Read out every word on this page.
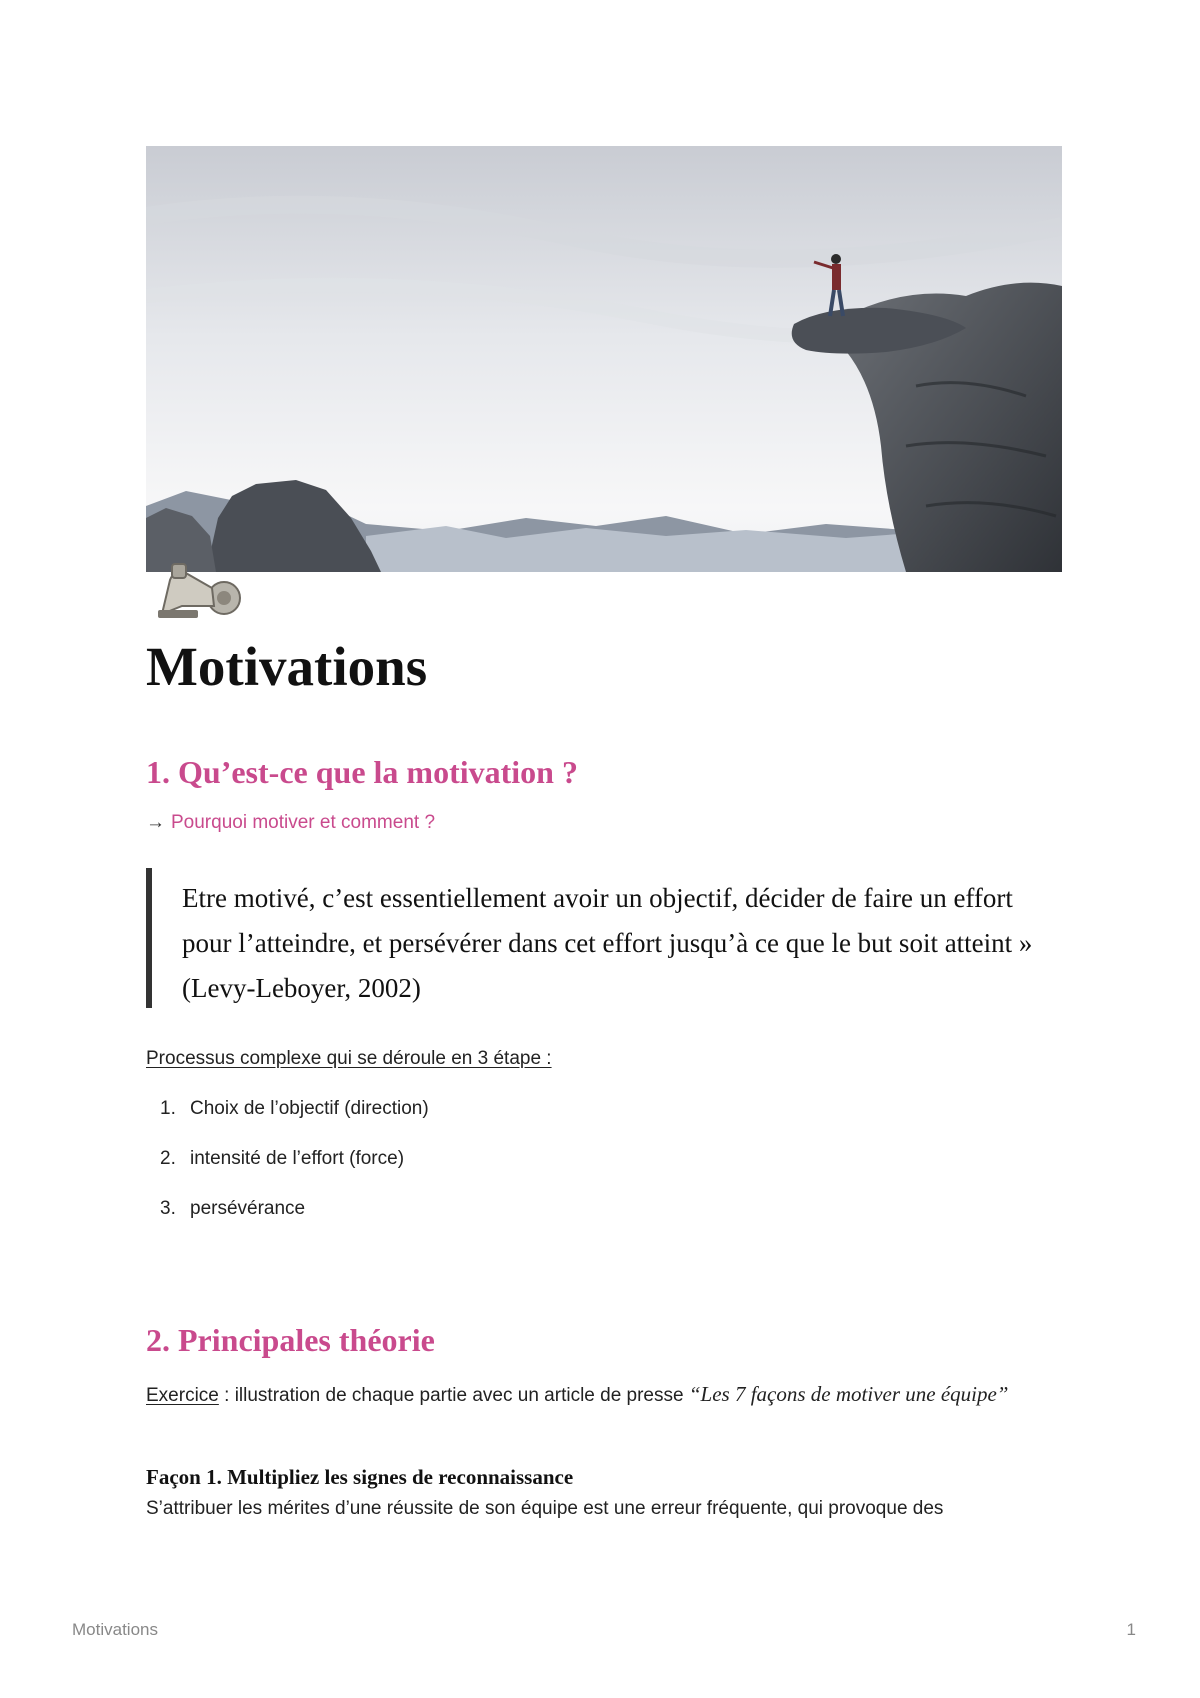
Motivations
1. Qu’est-ce que la motivation ?
→ Pourquoi motiver et comment ?

Etre motivé, c’est essentiellement avoir un objectif, décider de faire un effort pour l’atteindre, et persévérer dans cet effort jusqu’à ce que le but soit atteint » (Levy-Leboyer, 2002)

Processus complexe qui se déroule en 3 étape :
1. Choix de l’objectif (direction)
2. intensité de l’effort (force)
3. persévérance
2. Principales théorie
Exercice : illustration de chaque partie avec un article de presse “Les 7 façons de motiver une équipe”
Façon 1. Multipliez les signes de reconnaissance
S’attribuer les mérites d’une réussite de son équipe est une erreur fréquente, qui provoque des
Motivations	1
